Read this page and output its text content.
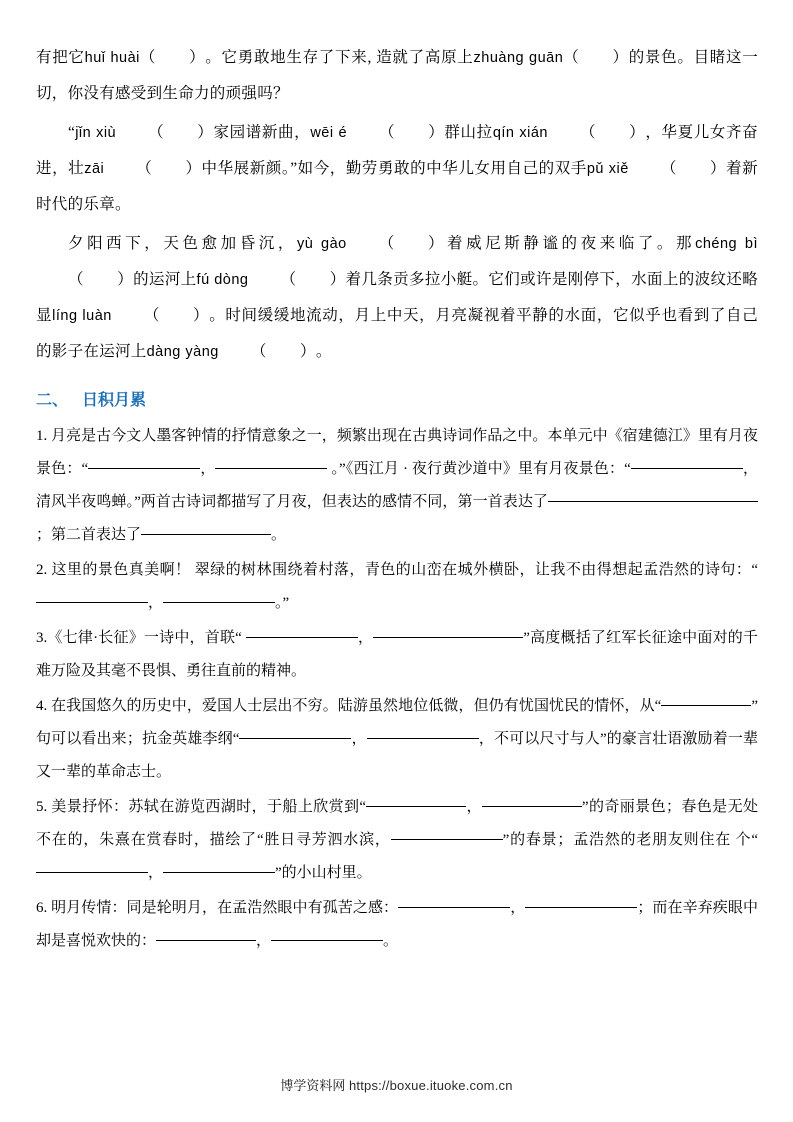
有把它huǐ huài（        ）。它勇敢地生存了下来, 造就了高原上zhuàng guān（        ）的景色。目睹这一切，你没有感受到生命力的顽强吗？
“jǐn xiù （        ）家园谱新曲，wēi é （        ）群山拉qín xián （        ），华夏儿女齐奋进，壮zāi （        ）中华展新颜。”如今，勤劳勇敢的中华儿女用自己的双手pǔ xiě （        ）着新时代的乐章。
夕阳西下，天色愈加昏沉，yù gào （        ）着威尼斯静谧的夜来临了。那chéng bì（        ）的运河上fú dòng （        ）着几条贡多拉小艇。它们或许是刚停下，水面上的波纹还略显líng luàn （        ）。时间缓缓地流动，月上中天，月亮凝视着平静的水面，它似乎也看到了自己的影子在运河上dàng yàng （        ）。
二、 日积月累
1. 月亮是古今文人墨客钟情的抒情意象之一，频繁出现在古典诗词作品之中。本单元中《宿建德江》里有月夜景色：“	，	。”《西江月 · 夜行黄沙道中》里有月夜景色：“	，清风半夜鸣蝉。”两首古诗词都描写了月夜，但表达的感情不同，第一首表达了 ；第二首表达了	。
2. 这里的景色真美啊！ 翠绿的树林围绕着村落，青色的山峦在城外横卧，让我不由得想起孟浩然的诗句：“ ，	。”
3.《七律·长征》一诗中，首联“	，	”高度概括了红军长征途中面对的千难万险及其毫不畏惧、勇往直前的精神。
4. 在我国悠久的历史中，爱国人士层出不穷。陆游虽然地位低微，但仍有忧国忧民的情怀，从“	” 句可以看出来；抗金英雄李纲“	，	，不可以尺寸与人”的豪言壮语激励着一辈又一辈的革命志士。
5. 美景抒怀：苏轼在游览西湖时，于船上欣赏到“	，	”的奇丽景色；春色是无处不在的，朱熹在赏春时，描绘了“胜日寻芳泗水滨，	”的春景；孟浩然的老朋友则住在 个“ ，	”的小山村里。
6. 明月传情：同是轮明月，在孟浩然眼中有孤苦之感：	，	；而在辛弃疾眼中却是喜悦欢快的：	，	。
博学资料网 https://boxue.ituoke.com.cn
